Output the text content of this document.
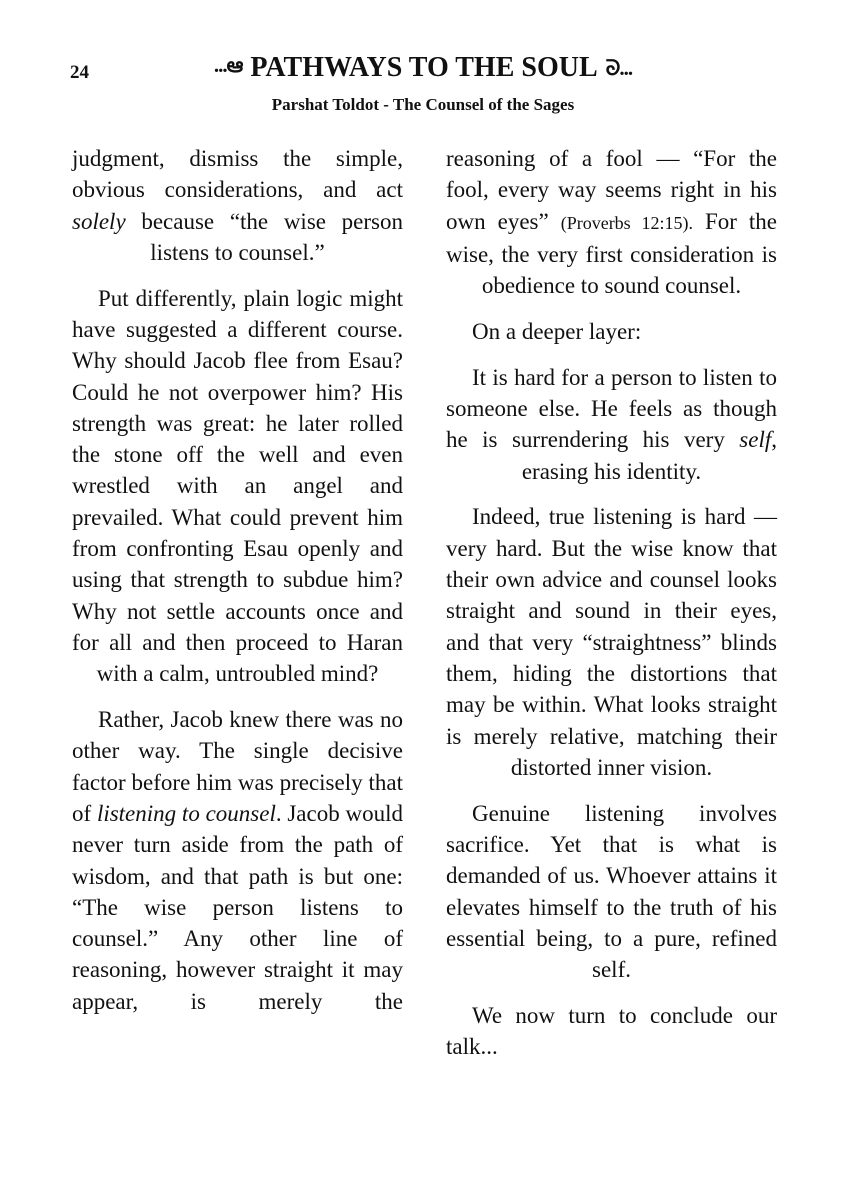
24	...ఆ PATHWAYS TO THE SOUL ᘐ...
Parshat Toldot - The Counsel of the Sages

judgment, dismiss the simple, obvious considerations, and act solely because “the wise person listens to counsel.”

Put differently, plain logic might have suggested a different course. Why should Jacob flee from Esau? Could he not overpower him? His strength was great: he later rolled the stone off the well and even wrestled with an angel and prevailed. What could prevent him from confronting Esau openly and using that strength to subdue him? Why not settle accounts once and for all and then proceed to Haran with a calm, untroubled mind?

Rather, Jacob knew there was no other way. The single decisive factor before him was precisely that of listening to counsel. Jacob would never turn aside from the path of wisdom, and that path is but one: “The wise person listens to counsel.” Any other line of reasoning, however straight it may appear, is merely the

reasoning of a fool — “For the fool, every way seems right in his own eyes” (Proverbs 12:15). For the wise, the very first consideration is obedience to sound counsel.

On a deeper layer:

It is hard for a person to listen to someone else. He feels as though he is surrendering his very self, erasing his identity.

Indeed, true listening is hard — very hard. But the wise know that their own advice and counsel looks straight and sound in their eyes, and that very “straightness” blinds them, hiding the distortions that may be within. What looks straight is merely relative, matching their distorted inner vision.

Genuine listening involves sacrifice. Yet that is what is demanded of us. Whoever attains it elevates himself to the truth of his essential being, to a pure, refined self.

We now turn to conclude our talk...
